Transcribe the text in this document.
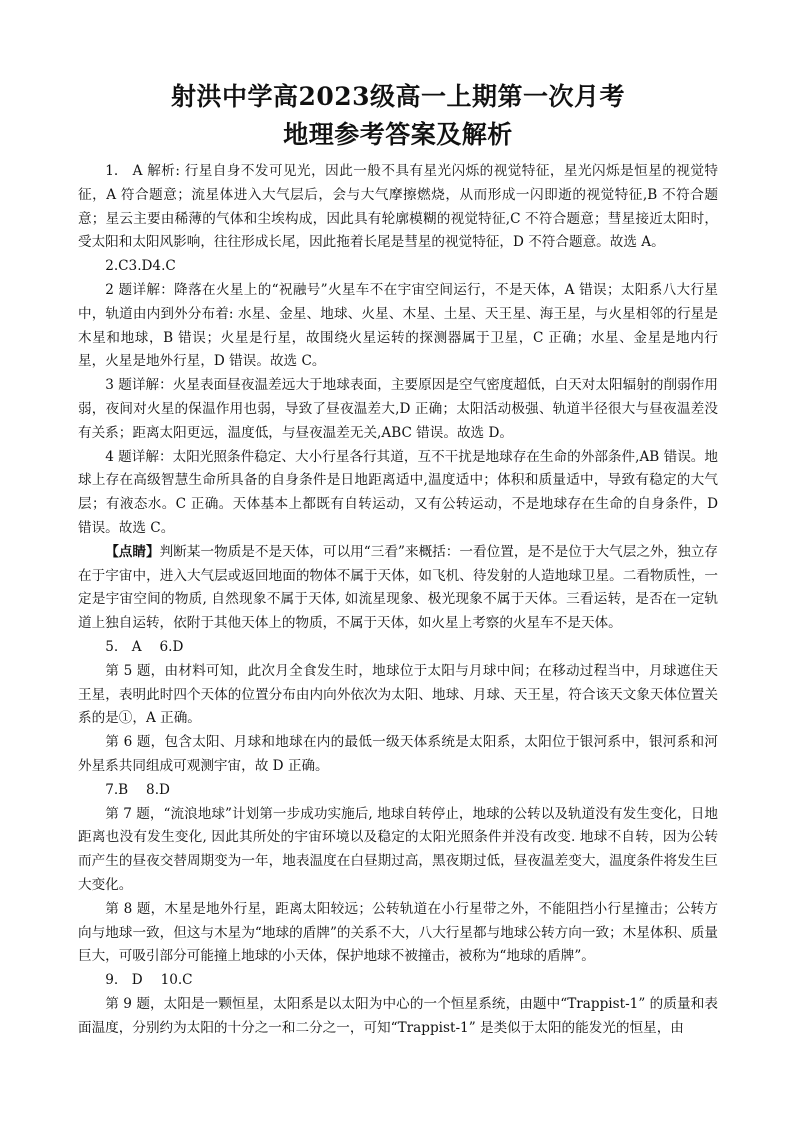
射洪中学高2023级高一上期第一次月考
地理参考答案及解析

1.　A 解析: 行星自身不发可见光，因此一般不具有星光闪烁的视觉特征，星光闪烁是恒星的视觉特征，A 符合题意；流星体进入大气层后，会与大气摩擦燃烧，从而形成一闪即逝的视觉特征,B 不符合题意；星云主要由稀薄的气体和尘埃构成，因此具有轮廓模糊的视觉特征,C 不符合题意；彗星接近太阳时，受太阳和太阳风影响，往往形成长尾，因此拖着长尾是彗星的视觉特征，D 不符合题意。故选 A。

2.C3.D4.C

2 题详解：降落在火星上的“祝融号”火星车不在宇宙空间运行，不是天体，A 错误；太阳系八大行星中，轨道由内到外分布着: 水星、金星、地球、火星、木星、土星、天王星、海王星，与火星相邻的行星是木星和地球，B 错误；火星是行星，故围绕火星运转的探测器属于卫星，C 正确；水星、金星是地内行星，火星是地外行星，D 错误。故选 C。

3 题详解：火星表面昼夜温差远大于地球表面，主要原因是空气密度超低，白天对太阳辐射的削弱作用弱，夜间对火星的保温作用也弱，导致了昼夜温差大,D 正确；太阳活动极强、轨道半径很大与昼夜温差没有关系；距离太阳更远，温度低，与昼夜温差无关,ABC 错误。故选 D。

4 题详解：太阳光照条件稳定、大小行星各行其道，互不干扰是地球存在生命的外部条件,AB 错误。地球上存在高级智慧生命所具备的自身条件是日地距离适中,温度适中；体积和质量适中，导致有稳定的大气层；有液态水。C 正确。天体基本上都既有自转运动，又有公转运动，不是地球存在生命的自身条件，D 错误。故选 C。

【点睛】判断某一物质是不是天体，可以用“三看”来概括：一看位置，是不是位于大气层之外，独立存在于宇宙中，进入大气层或返回地面的物体不属于天体，如飞机、待发射的人造地球卫星。二看物质性，一定是宇宙空间的物质, 自然现象不属于天体, 如流星现象、极光现象不属于天体。三看运转，是否在一定轨道上独自运转，依附于其他天体上的物质，不属于天体，如火星上考察的火星车不是天体。

5.　A　 6.D

第 5 题，由材料可知，此次月全食发生时，地球位于太阳与月球中间；在移动过程当中，月球遮住天王星，表明此时四个天体的位置分布由内向外依次为太阳、地球、月球、天王星，符合该天文象天体位置关系的是①，A 正确。

第 6 题，包含太阳、月球和地球在内的最低一级天体系统是太阳系，太阳位于银河系中，银河系和河外星系共同组成可观测宇宙，故 D 正确。

7.B　 8.D

第 7 题，“流浪地球”计划第一步成功实施后, 地球自转停止，地球的公转以及轨道没有发生变化，日地距离也没有发生变化, 因此其所处的宇宙环境以及稳定的太阳光照条件并没有改变. 地球不自转，因为公转而产生的昼夜交替周期变为一年，地表温度在白昼期过高，黑夜期过低，昼夜温差变大，温度条件将发生巨大变化。

第 8 题，木星是地外行星，距离太阳较远；公转轨道在小行星带之外，不能阻挡小行星撞击；公转方向与地球一致，但这与木星为“地球的盾牌”的关系不大，八大行星都与地球公转方向一致；木星体积、质量巨大，可吸引部分可能撞上地球的小天体，保护地球不被撞击，被称为“地球的盾牌”。

9.　D　 10.C

第 9 题，太阳是一颗恒星，太阳系是以太阳为中心的一个恒星系统，由题中“Trappist-1” 的质量和表面温度，分别约为太阳的十分之一和二分之一，可知“Trappist-1” 是类似于太阳的能发光的恒星，由
